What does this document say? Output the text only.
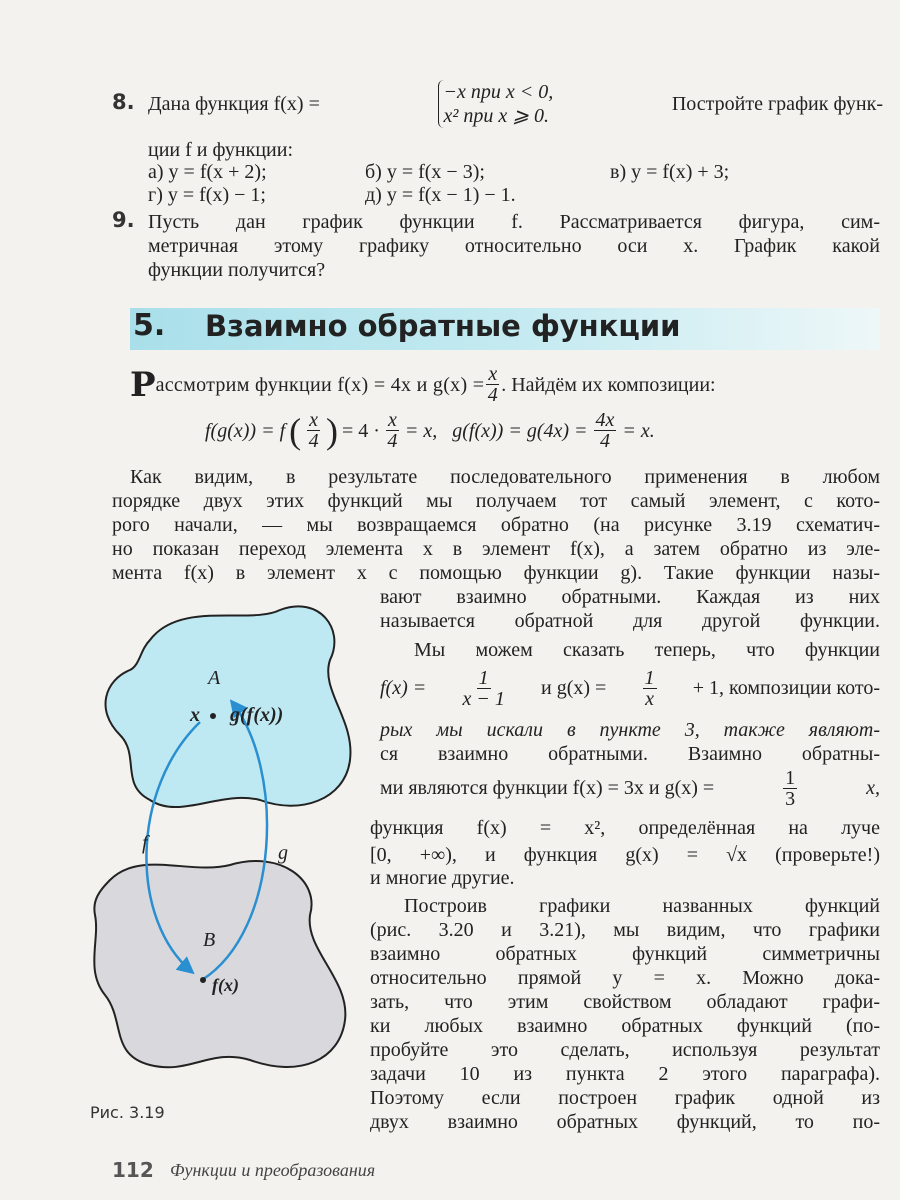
8. Дана функция f(x) =
−x при x < 0,
x² при x ⩾ 0.
Постройте график функ-
ции f и функции:
а) y = f(x + 2);	б) y = f(x − 3);	в) y = f(x) + 3;
г) y = f(x) − 1;	д) y = f(x − 1) − 1.
9. Пусть дан график функции f. Рассматривается фигура, сим-
метричная этому графику относительно оси x. График какой
функции получится?
5. Взаимно обратные функции
Р ассмотрим функции f(x) = 4x и $g(x) = \frac{x}{4}$ . Найдём их композиции:
f(g(x)) = f ( $\frac{x}{4}$ ) = $4 \cdot \frac{x}{4} = x$,   $g(f(x)) = g(4x) = \frac{4x}{4} = x$.
Как видим, в результате последовательного применения в любом
порядке двух этих функций мы получаем тот самый элемент, с кото-
рого начали, — мы возвращаемся обратно (на рисунке 3.19 схематич-
но показан переход элемента x в элемент f(x), а затем обратно из эле-
мента f(x) в элемент x с помощью функции g). Такие функции назы-
вают взаимно обратными. Каждая из них
называется обратной для другой функции.
Мы можем сказать теперь, что функции
$f(x) = \frac{1}{x - 1}$ и $g(x) = \frac{1}{x} + 1$, композиции кото-
рых мы искали в пункте 3, также являют-
ся взаимно обратными. Взаимно обратны-
ми являются функции f(x) = 3x и g(x) =	$\frac{1}{3}$	x,
функция f(x) = x², определённая на луче
[0, +∞), и функция g(x) = √x (проверьте!)
и многие другие.
Построив графики названных функций
(рис. 3.20 и 3.21), мы видим, что графики
взаимно обратных функций симметричны
относительно прямой y = x. Можно дока-
зать, что этим свойством обладают графи-
ки любых взаимно обратных функций (по-
пробуйте это сделать, используя результат
задачи 10 из пункта 2 этого параграфа).
Поэтому если построен график одной из
двух взаимно обратных функций, то по-
A
x g(f(x))
f	g
B
f(x)
Рис. 3.19
112 Функции и преобразования
